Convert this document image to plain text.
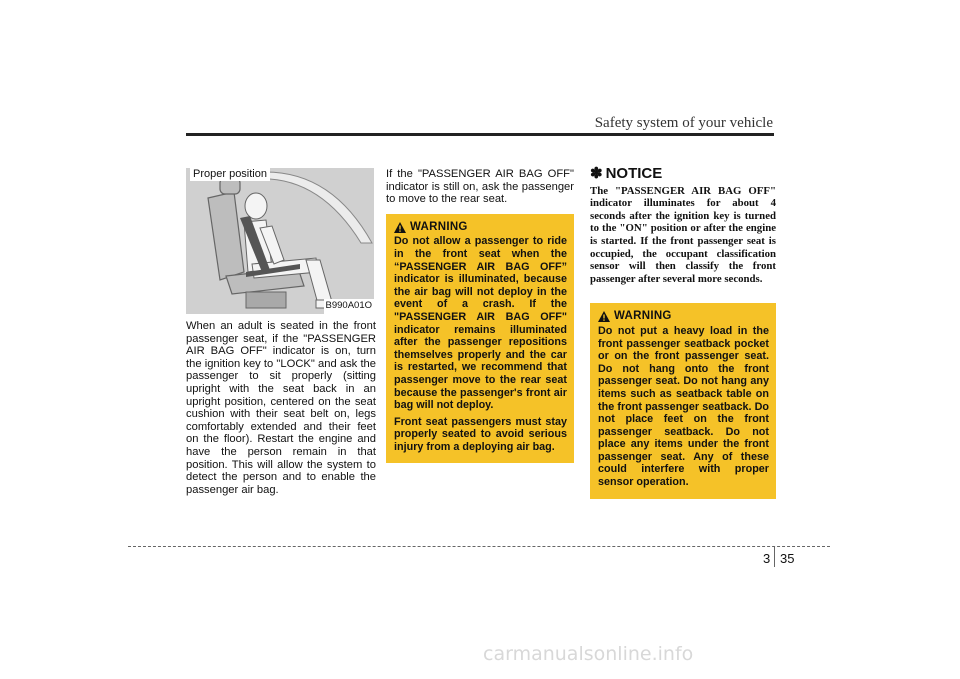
Safety system of your vehicle
Proper position
B990A01O

When an adult is seated in the front passenger seat, if the "PASSENGER AIR BAG OFF" indicator is on, turn the ignition key to "LOCK" and ask the passenger to sit properly (sitting upright with the seat back in an upright position, centered on the seat cushion with their seat belt on, legs comfortably extended and their feet on the floor). Restart the engine and have the person remain in that position. This will allow the system to detect the person and to enable the passenger air bag.

If the "PASSENGER AIR BAG OFF" indicator is still on, ask the passenger to move to the rear seat.

WARNING

Do not allow a passenger to ride in the front seat when the “PASSENGER AIR BAG OFF” indicator is illuminated, because the air bag will not deploy in the event of a crash. If the "PASSENGER AIR BAG OFF" indicator remains illuminated after the passenger repositions themselves properly and the car is restarted, we recommend that passenger move to the rear seat because the passenger's front air bag will not deploy.

Front seat passengers must stay properly seated to avoid serious injury from a deploying air bag.

✽ NOTICE

The "PASSENGER AIR BAG OFF" indicator illuminates for about 4 seconds after the ignition key is turned to the "ON" position or after the engine is started. If the front passenger seat is occupied, the occupant classification sensor will then classify the front passenger after several more seconds.

WARNING

Do not put a heavy load in the front passenger seatback pocket or on the front passenger seat. Do not hang onto the front passenger seat. Do not hang any items such as seatback table on the front passenger seatback. Do not place feet on the front passenger seatback. Do not place any items under the front passenger seat. Any of these could interfere with proper sensor operation.

3 35
carmanualsonline.info
